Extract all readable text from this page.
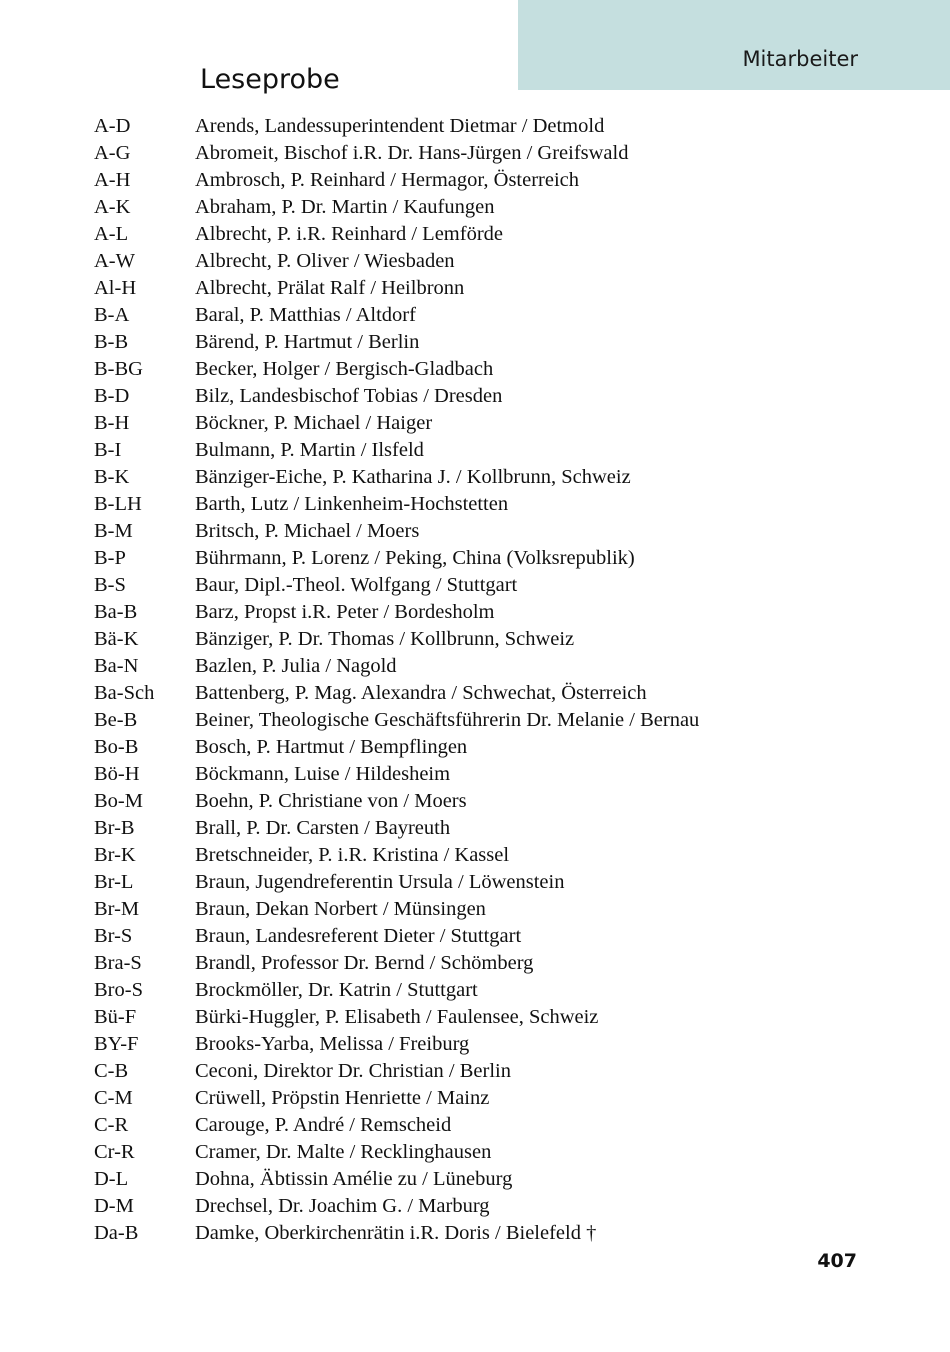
Mitarbeiter
Leseprobe
A-D	Arends, Landessuperintendent Dietmar / Detmold
A-G	Abromeit, Bischof i.R. Dr. Hans-Jürgen / Greifswald
A-H	Ambrosch, P. Reinhard / Hermagor, Österreich
A-K	Abraham, P. Dr. Martin / Kaufungen
A-L	Albrecht, P. i.R. Reinhard / Lemförde
A-W	Albrecht, P. Oliver / Wiesbaden
Al-H	Albrecht, Prälat Ralf / Heilbronn
B-A	Baral, P. Matthias / Altdorf
B-B	Bärend, P. Hartmut / Berlin
B-BG	Becker, Holger / Bergisch-Gladbach
B-D	Bilz, Landesbischof Tobias / Dresden
B-H	Böckner, P. Michael / Haiger
B-I	Bulmann, P. Martin / Ilsfeld
B-K	Bänziger-Eiche, P. Katharina J. / Kollbrunn, Schweiz
B-LH	Barth, Lutz / Linkenheim-Hochstetten
B-M	Britsch, P. Michael / Moers
B-P	Bührmann, P. Lorenz / Peking, China (Volksrepublik)
B-S	Baur, Dipl.-Theol. Wolfgang / Stuttgart
Ba-B	Barz, Propst i.R. Peter / Bordesholm
Bä-K	Bänziger, P. Dr. Thomas / Kollbrunn, Schweiz
Ba-N	Bazlen, P. Julia / Nagold
Ba-Sch	Battenberg, P. Mag. Alexandra / Schwechat, Österreich
Be-B	Beiner, Theologische Geschäftsführerin Dr. Melanie / Bernau
Bo-B	Bosch, P. Hartmut / Bempflingen
Bö-H	Böckmann, Luise / Hildesheim
Bo-M	Boehn, P. Christiane von / Moers
Br-B	Brall, P. Dr. Carsten / Bayreuth
Br-K	Bretschneider, P. i.R. Kristina / Kassel
Br-L	Braun, Jugendreferentin Ursula / Löwenstein
Br-M	Braun, Dekan Norbert / Münsingen
Br-S	Braun, Landesreferent Dieter / Stuttgart
Bra-S	Brandl, Professor Dr. Bernd / Schömberg
Bro-S	Brockmöller, Dr. Katrin / Stuttgart
Bü-F	Bürki-Huggler, P. Elisabeth / Faulensee, Schweiz
BY-F	Brooks-Yarba, Melissa / Freiburg
C-B	Ceconi, Direktor Dr. Christian / Berlin
C-M	Crüwell, Pröpstin Henriette / Mainz
C-R	Carouge, P. André / Remscheid
Cr-R	Cramer, Dr. Malte / Recklinghausen
D-L	Dohna, Äbtissin Amélie zu / Lüneburg
D-M	Drechsel, Dr. Joachim G. / Marburg
Da-B	Damke, Oberkirchenrätin i.R. Doris / Bielefeld †
407
